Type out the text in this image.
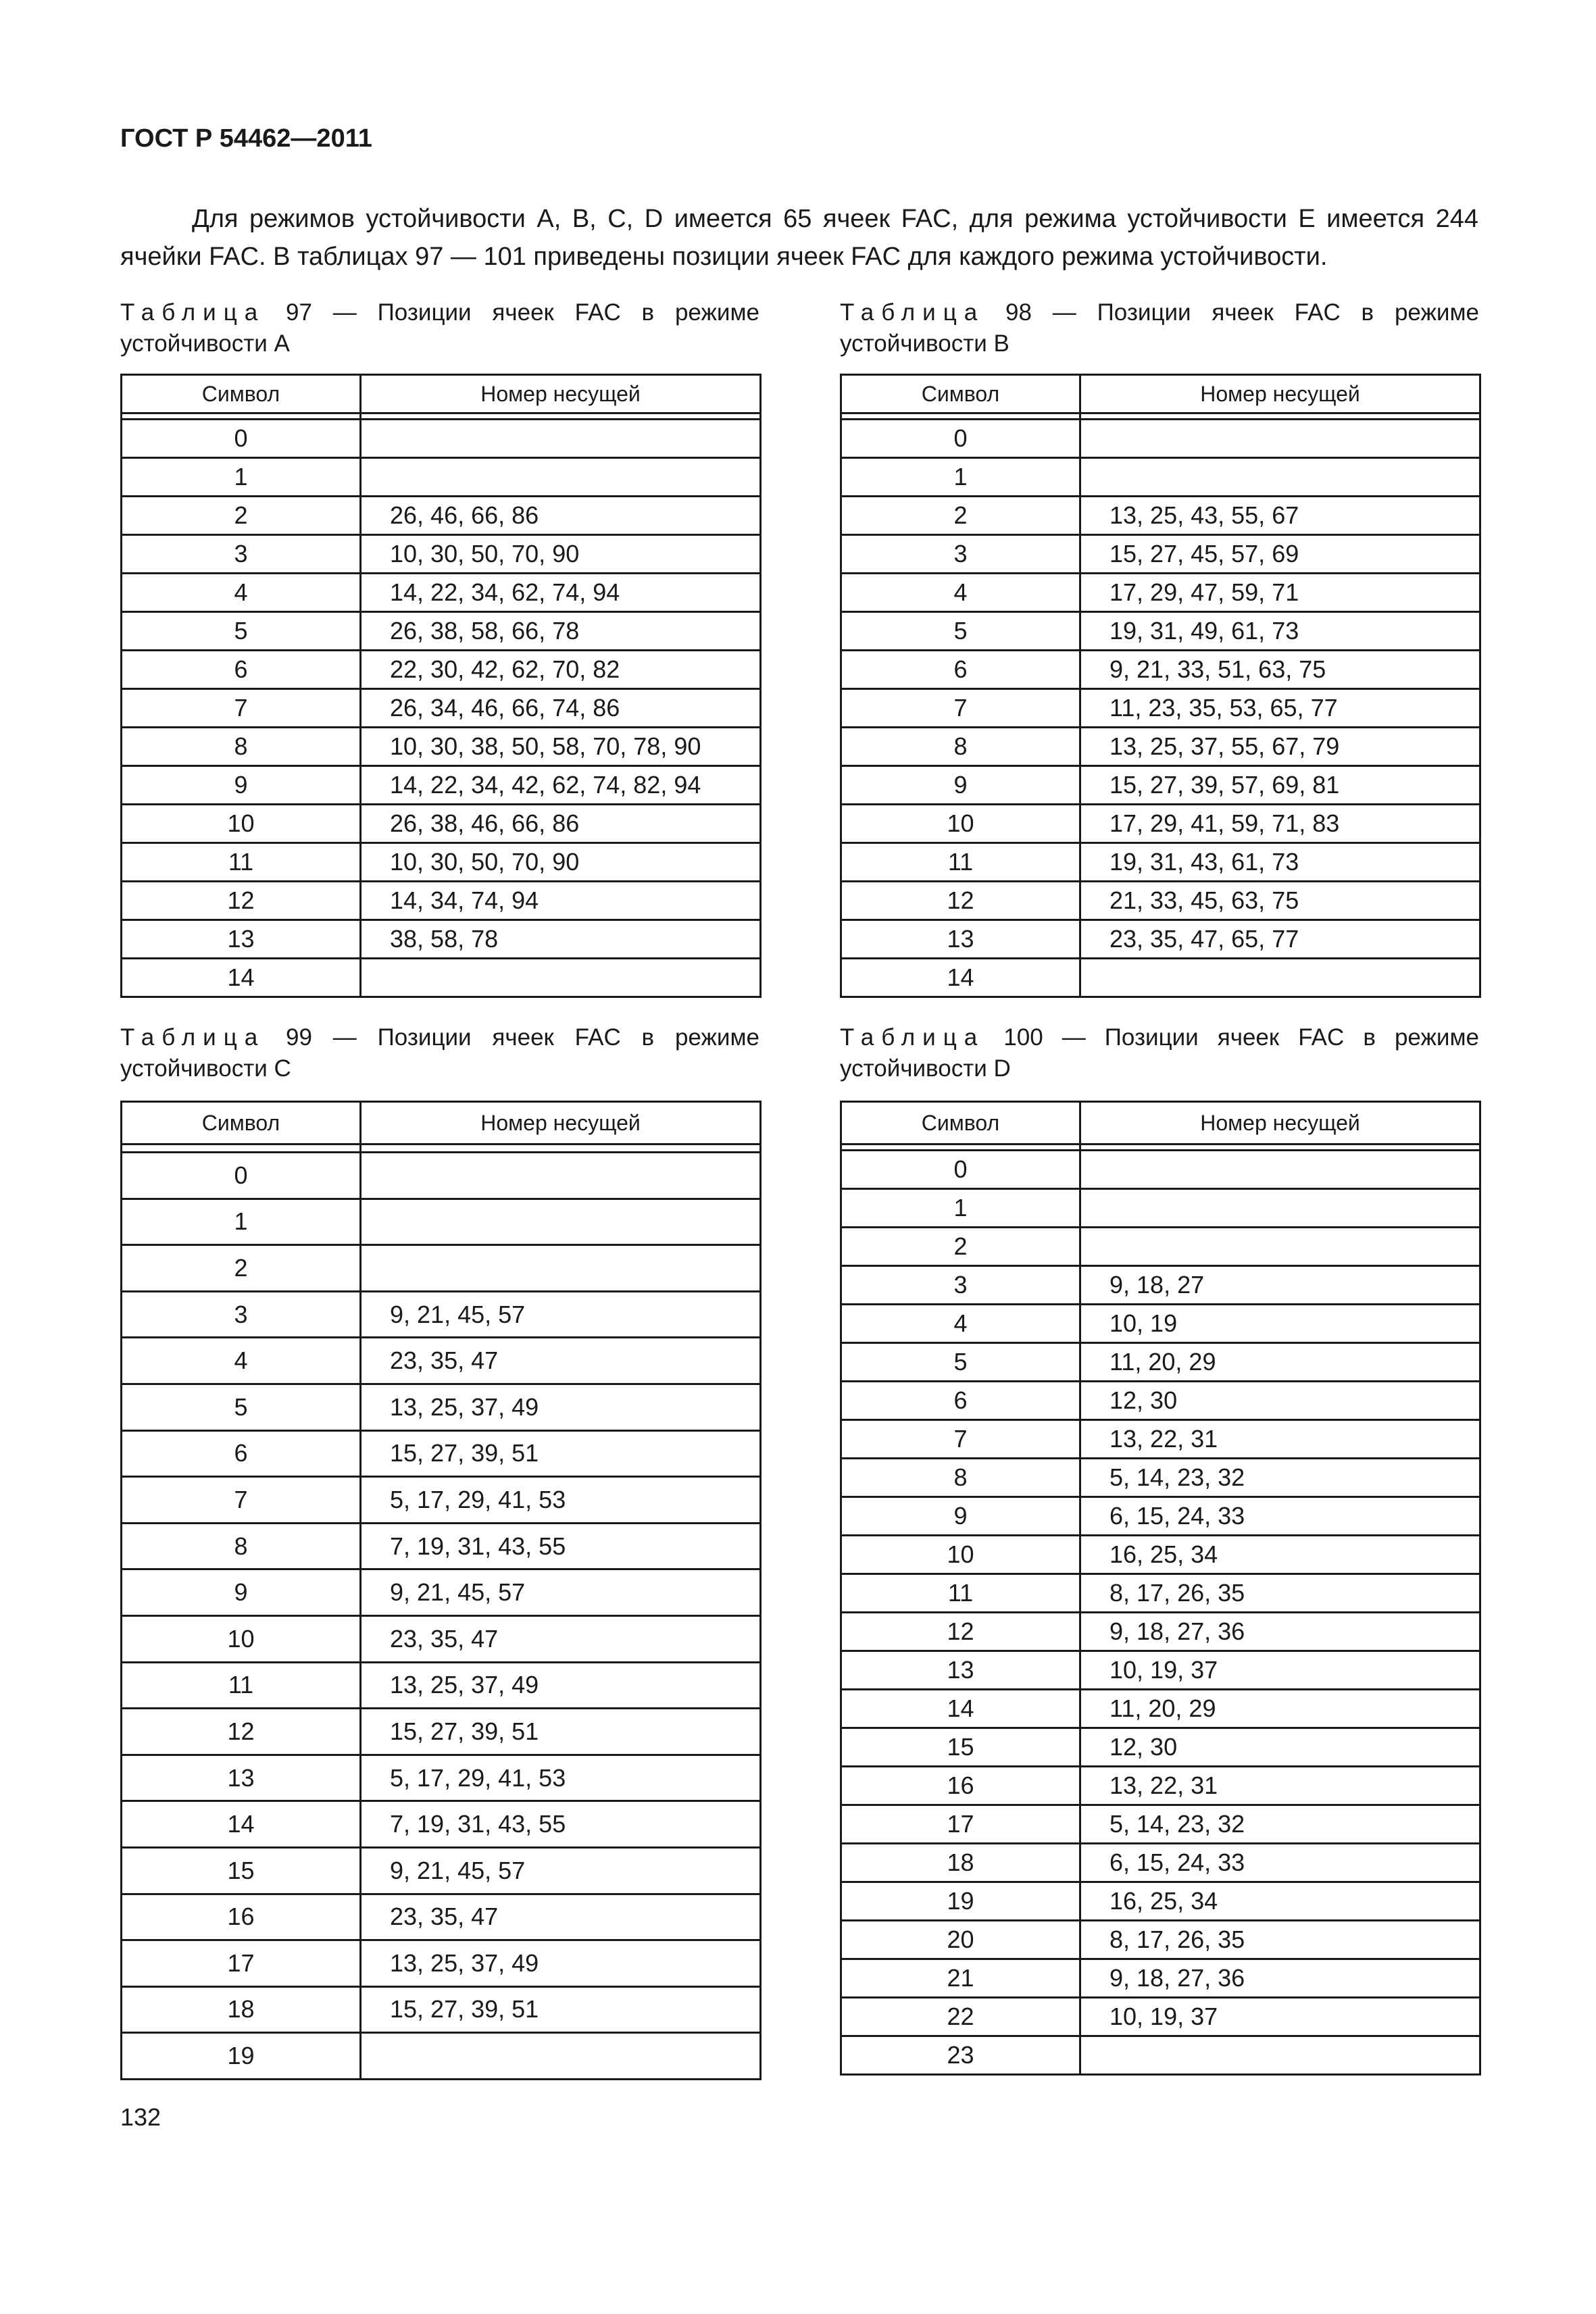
ГОСТ Р 54462—2011

Для режимов устойчивости A, B, C, D имеется 65 ячеек FAC, для режима устойчивости E имеется 244 ячейки FAC. В таблицах 97 — 101 приведены позиции ячеек FAC для каждого режима устойчивости.

Таблица 97 — Позиции ячеек FAC в режиме устойчивости A

Символ	Номер несущей

0	
1	
2	26, 46, 66, 86
3	10, 30, 50, 70, 90
4	14, 22, 34, 62, 74, 94
5	26, 38, 58, 66, 78
6	22, 30, 42, 62, 70, 82
7	26, 34, 46, 66, 74, 86
8	10, 30, 38, 50, 58, 70, 78, 90
9	14, 22, 34, 42, 62, 74, 82, 94
10	26, 38, 46, 66, 86
11	10, 30, 50, 70, 90
12	14, 34, 74, 94
13	38, 58, 78
14	

Таблица 98 — Позиции ячеек FAC в режиме устойчивости B

Символ	Номер несущей

0	
1	
2	13, 25, 43, 55, 67
3	15, 27, 45, 57, 69
4	17, 29, 47, 59, 71
5	19, 31, 49, 61, 73
6	9, 21, 33, 51, 63, 75
7	11, 23, 35, 53, 65, 77
8	13, 25, 37, 55, 67, 79
9	15, 27, 39, 57, 69, 81
10	17, 29, 41, 59, 71, 83
11	19, 31, 43, 61, 73
12	21, 33, 45, 63, 75
13	23, 35, 47, 65, 77
14	

Таблица 99 — Позиции ячеек FAC в режиме устойчивости C

Символ	Номер несущей

0	
1	
2	
3	9, 21, 45, 57
4	23, 35, 47
5	13, 25, 37, 49
6	15, 27, 39, 51
7	5, 17, 29, 41, 53
8	7, 19, 31, 43, 55
9	9, 21, 45, 57
10	23, 35, 47
11	13, 25, 37, 49
12	15, 27, 39, 51
13	5, 17, 29, 41, 53
14	7, 19, 31, 43, 55
15	9, 21, 45, 57
16	23, 35, 47
17	13, 25, 37, 49
18	15, 27, 39, 51
19	

Таблица 100 — Позиции ячеек FAC в режиме устойчивости D

Символ	Номер несущей

0	
1	
2	
3	9, 18, 27
4	10, 19
5	11, 20, 29
6	12, 30
7	13, 22, 31
8	5, 14, 23, 32
9	6, 15, 24, 33
10	16, 25, 34
11	8, 17, 26, 35
12	9, 18, 27, 36
13	10, 19, 37
14	11, 20, 29
15	12, 30
16	13, 22, 31
17	5, 14, 23, 32
18	6, 15, 24, 33
19	16, 25, 34
20	8, 17, 26, 35
21	9, 18, 27, 36
22	10, 19, 37
23	
132
